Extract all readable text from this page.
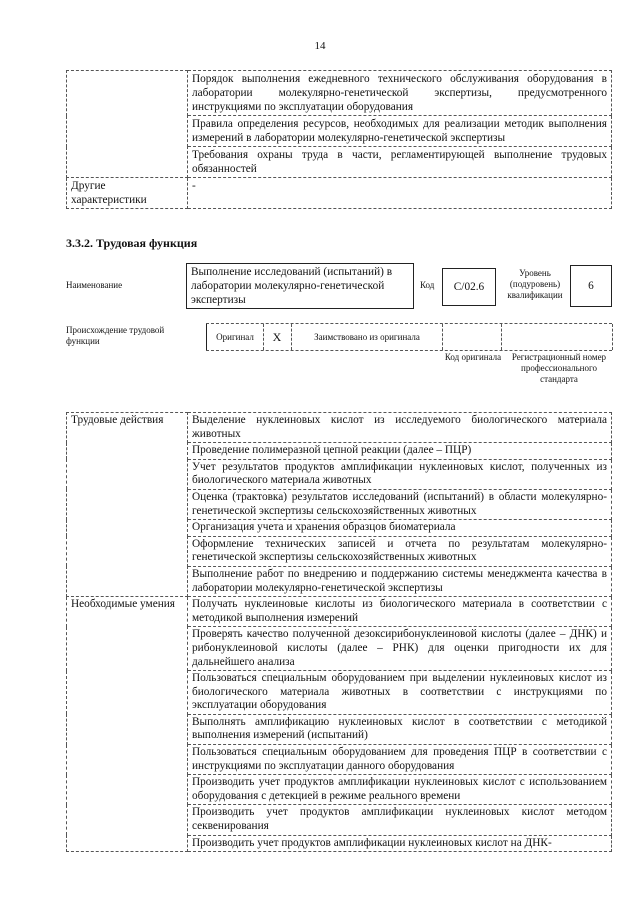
14
	Порядок выполнения ежедневного технического обслуживания оборудования в лаборатории молекулярно-генетической экспертизы, предусмотренного инструкциями по эксплуатации оборудования
	Правила определения ресурсов, необходимых для реализации методик выполнения измерений в лаборатории молекулярно-генетической экспертизы
	Требования охраны труда в части, регламентирующей выполнение трудовых обязанностей
Другие характеристики	-
3.3.2. Трудовая функция
Наименование
Выполнение исследований (испытаний) в лаборатории молекулярно-генетической экспертизы
Код	C/02.6
Уровень (подуровень) квалификации
6
Происхождение трудовой функции	Оригинал	X	Заимствовано из оригинала
Код оригинала	Регистрационный номер профессионального стандарта
Трудовые действия	Выделение нуклеиновых кислот из исследуемого биологического материала животных
	Проведение полимеразной цепной реакции (далее – ПЦР)
	Учет результатов продуктов амплификации нуклеиновых кислот, полученных из биологического материала животных
	Оценка (трактовка) результатов исследований (испытаний) в области молекулярно-генетической экспертизы сельскохозяйственных животных
	Организация учета и хранения образцов биоматериала
	Оформление технических записей и отчета по результатам молекулярно-генетической экспертизы сельскохозяйственных животных
	Выполнение работ по внедрению и поддержанию системы менеджмента качества в лаборатории молекулярно-генетической экспертизы
Необходимые умения	Получать нуклеиновые кислоты из биологического материала в соответствии с методикой выполнения измерений
	Проверять качество полученной дезоксирибонуклеиновой кислоты (далее – ДНК) и рибонуклеиновой кислоты (далее – РНК) для оценки пригодности их для дальнейшего анализа
	Пользоваться специальным оборудованием при выделении нуклеиновых кислот из биологического материала животных в соответствии с инструкциями по эксплуатации оборудования
	Выполнять амплификацию нуклеиновых кислот в соответствии с методикой выполнения измерений (испытаний)
	Пользоваться специальным оборудованием для проведения ПЦР в соответствии с инструкциями по эксплуатации данного оборудования
	Производить учет продуктов амплификации нуклеиновых кислот с использованием оборудования с детекцией в режиме реального времени
	Производить учет продуктов амплификации нуклеиновых кислот методом секвенирования
	Производить учет продуктов амплификации нуклеиновых кислот на ДНК-
